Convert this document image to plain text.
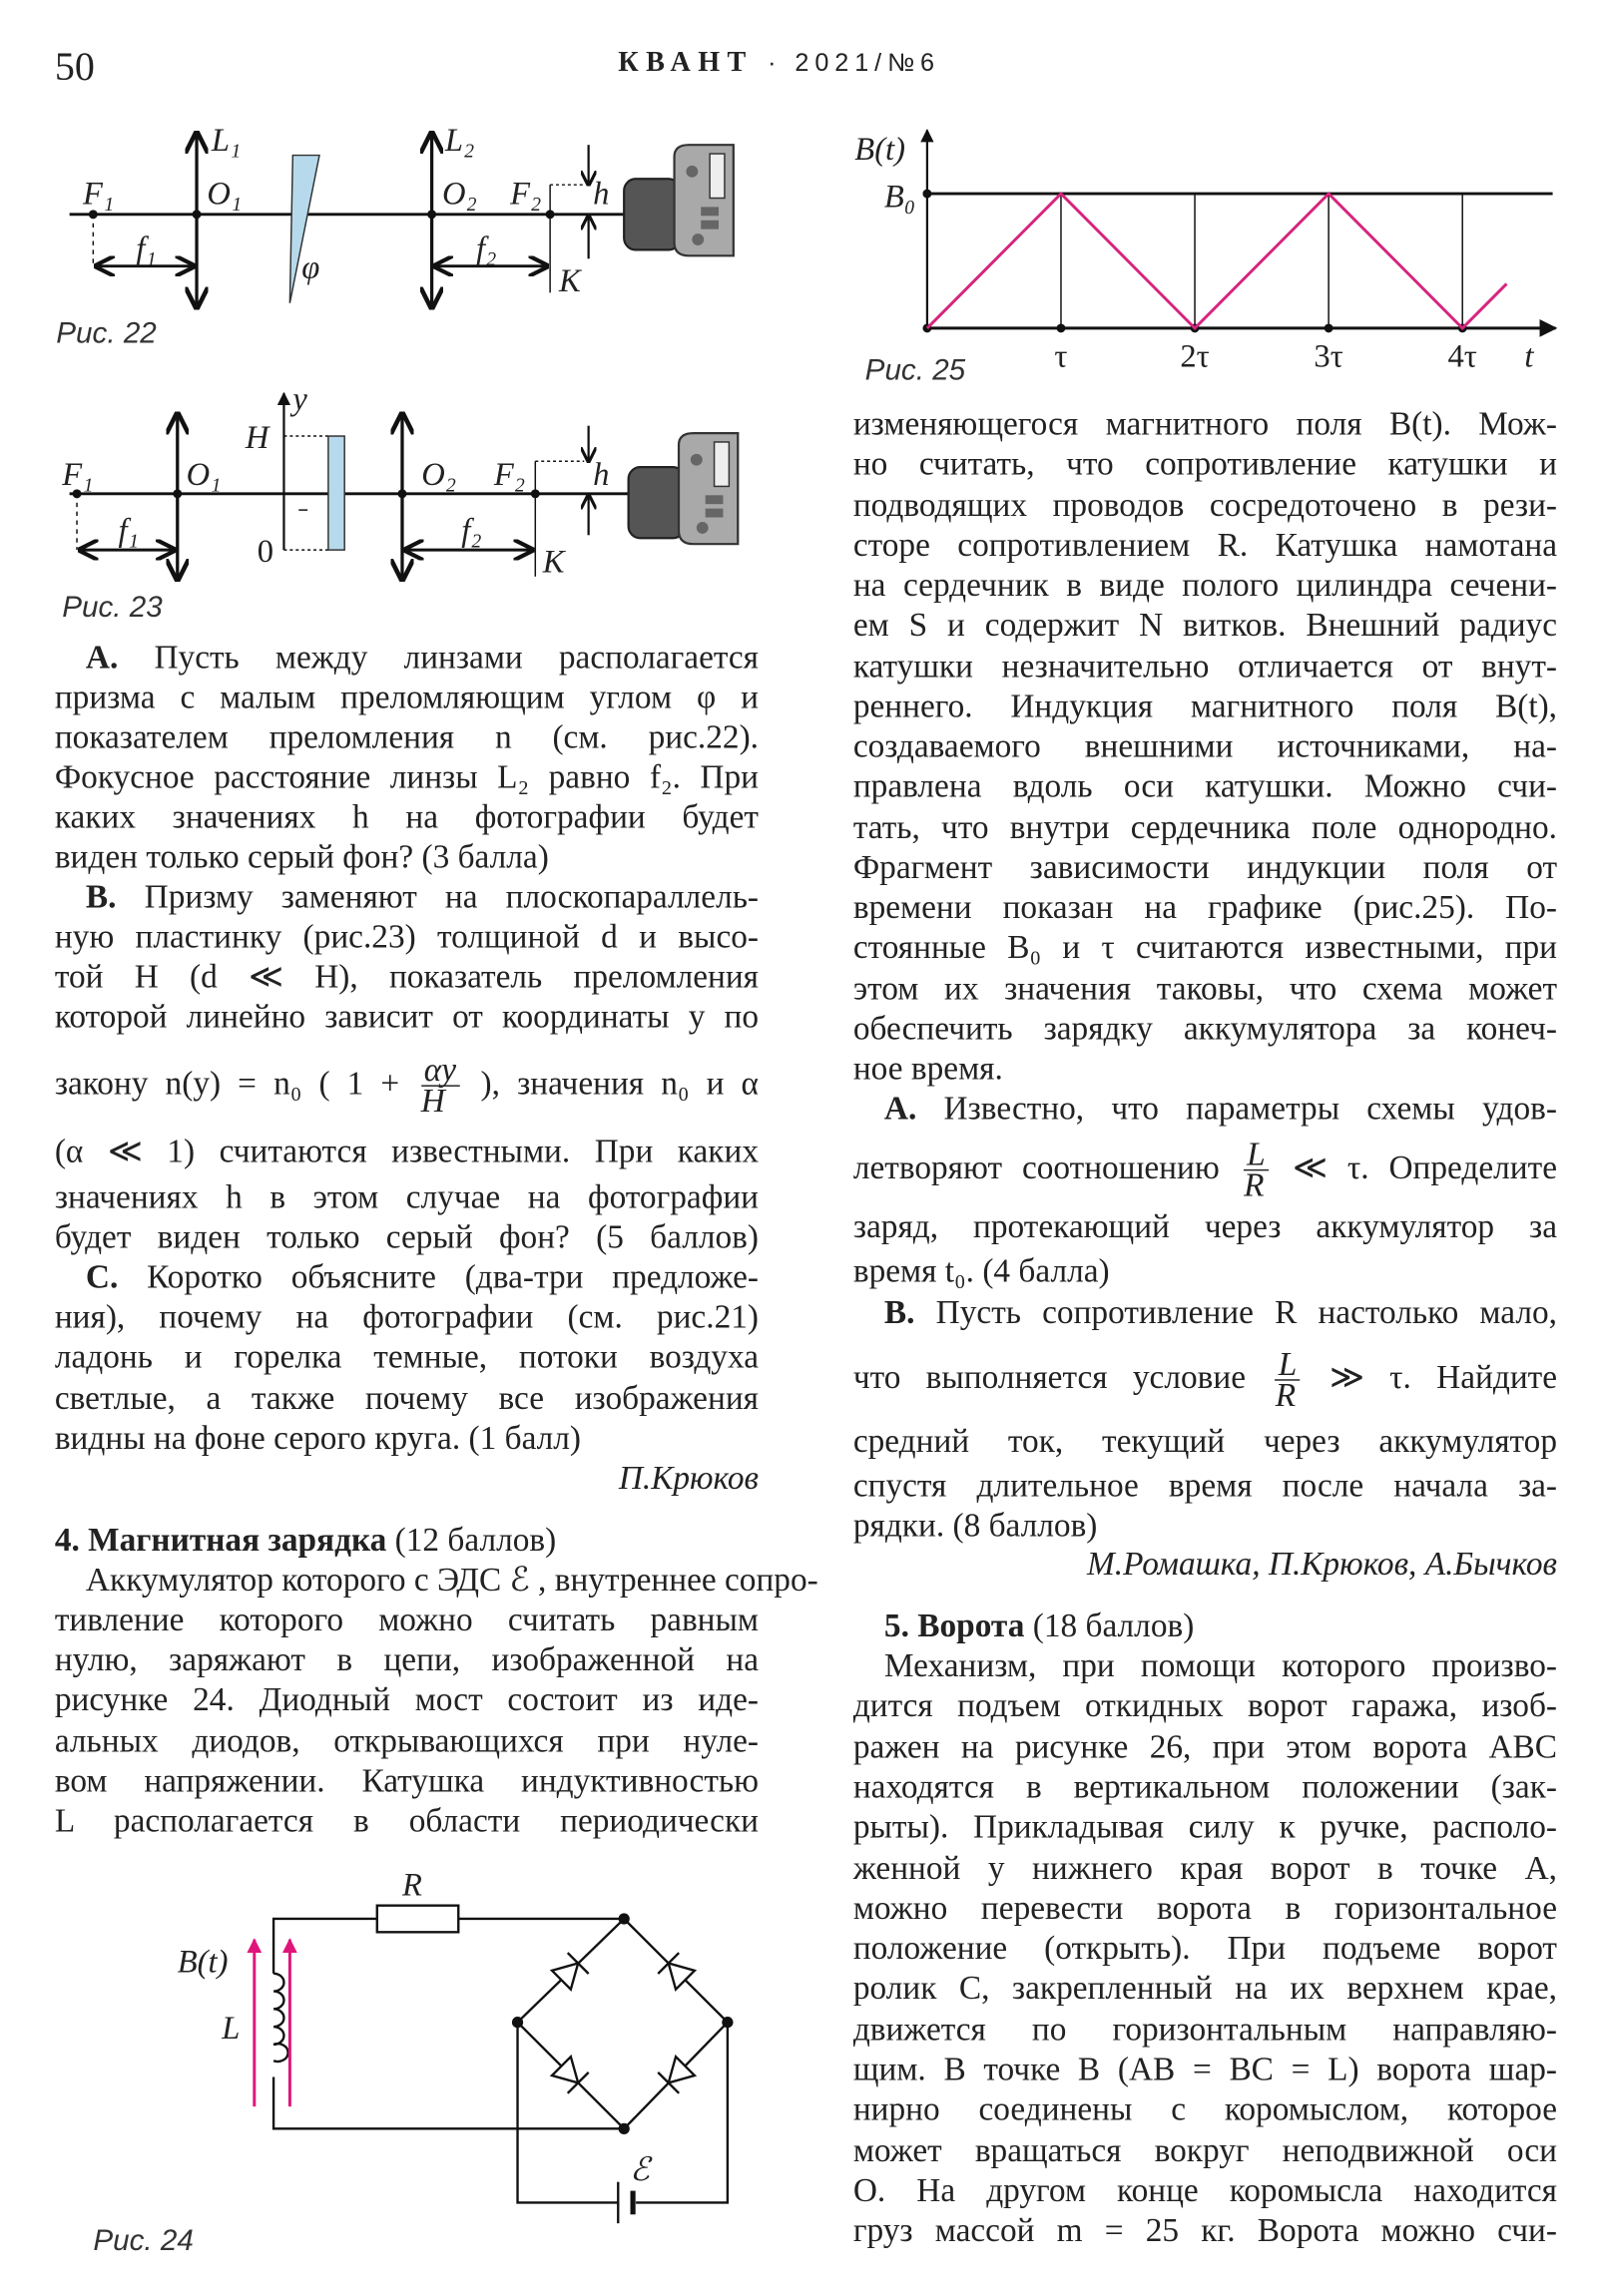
50	КВАНТ · 2021/№6
F₁	O₁
L₁
f₁
φ
O₂
L₂
F₂
f₂
h
K
F₁	O₁
f₁
y
H
0
O₂ F₂
f₂
h
K
B(t)
B₀
t
τ	2τ	3τ	4τ
R
B(t)
L
ℰ
Рис. 22
Рис. 23
Рис. 25
Рис. 24
A. Пусть между линзами располагается
призма с малым преломляющим углом φ и
показателем преломления n (см. рис.22).
Фокусное расстояние линзы L₂ равно f₂. При
каких значениях h на фотографии будет
виден только серый фон? (3 балла)
B. Призму заменяют на плоскопараллель-
ную пластинку (рис.23) толщиной d и высо-
той H (d ≪ H), показатель преломления
которой линейно зависит от координаты y по
закону n(y) = n₀ ( $1 + \frac{\alpha y}{H}$ ), значения n₀ и α
(α ≪ 1) считаются известными. При каких
значениях h в этом случае на фотографии
будет виден только серый фон? (5 баллов)
C. Коротко объясните (два-три предложе-
ния), почему на фотографии (см. рис.21)
ладонь и горелка темные, потоки воздуха
светлые, а также почему все изображения
видны на фоне серого круга. (1 балл)
П.Крюков
4. Магнитная зарядка (12 баллов)
Аккумулятор которого с ЭДС ℰ , внутреннее сопро-
тивление которого можно считать равным
нулю, заряжают в цепи, изображенной на
рисунке 24. Диодный мост состоит из иде-
альных диодов, открывающихся при нуле-
вом напряжении. Катушка индуктивностью
L располагается в области периодически
изменяющегося магнитного поля B(t). Мож-
но считать, что сопротивление катушки и
подводящих проводов сосредоточено в рези-
сторе сопротивлением R. Катушка намотана
на сердечник в виде полого цилиндра сечени-
ем S и содержит N витков. Внешний радиус
катушки незначительно отличается от внут-
реннего. Индукция магнитного поля B(t),
создаваемого внешними источниками, на-
правлена вдоль оси катушки. Можно счи-
тать, что внутри сердечника поле однородно.
Фрагмент зависимости индукции поля от
времени показан на графике (рис.25). По-
стоянные B₀ и τ считаются известными, при
этом их значения таковы, что схема может
обеспечить зарядку аккумулятора за конеч-
ное время.
A. Известно, что параметры схемы удов-
летворяют соотношению $\frac{L}{R}$ ≪ τ. Определите
заряд, протекающий через аккумулятор за
время t₀. (4 балла)
B. Пусть сопротивление R настолько мало,
что выполняется условие $\frac{L}{R}$ ≫ τ. Найдите
средний ток, текущий через аккумулятор
спустя длительное время после начала за-
рядки. (8 баллов)
М.Ромашка, П.Крюков, А.Бычков
5. Ворота (18 баллов)
Механизм, при помощи которого произво-
дится подъем откидных ворот гаража, изоб-
ражен на рисунке 26, при этом ворота ABC
находятся в вертикальном положении (зак-
рыты). Прикладывая силу к ручке, располо-
женной у нижнего края ворот в точке A,
можно перевести ворота в горизонтальное
положение (открыть). При подъеме ворот
ролик C, закрепленный на их верхнем крае,
движется по горизонтальным направляю-
щим. В точке B (AB = BC = L) ворота шар-
нирно соединены с коромыслом, которое
может вращаться вокруг неподвижной оси
O. На другом конце коромысла находится
груз массой m = 25 кг. Ворота можно счи-
